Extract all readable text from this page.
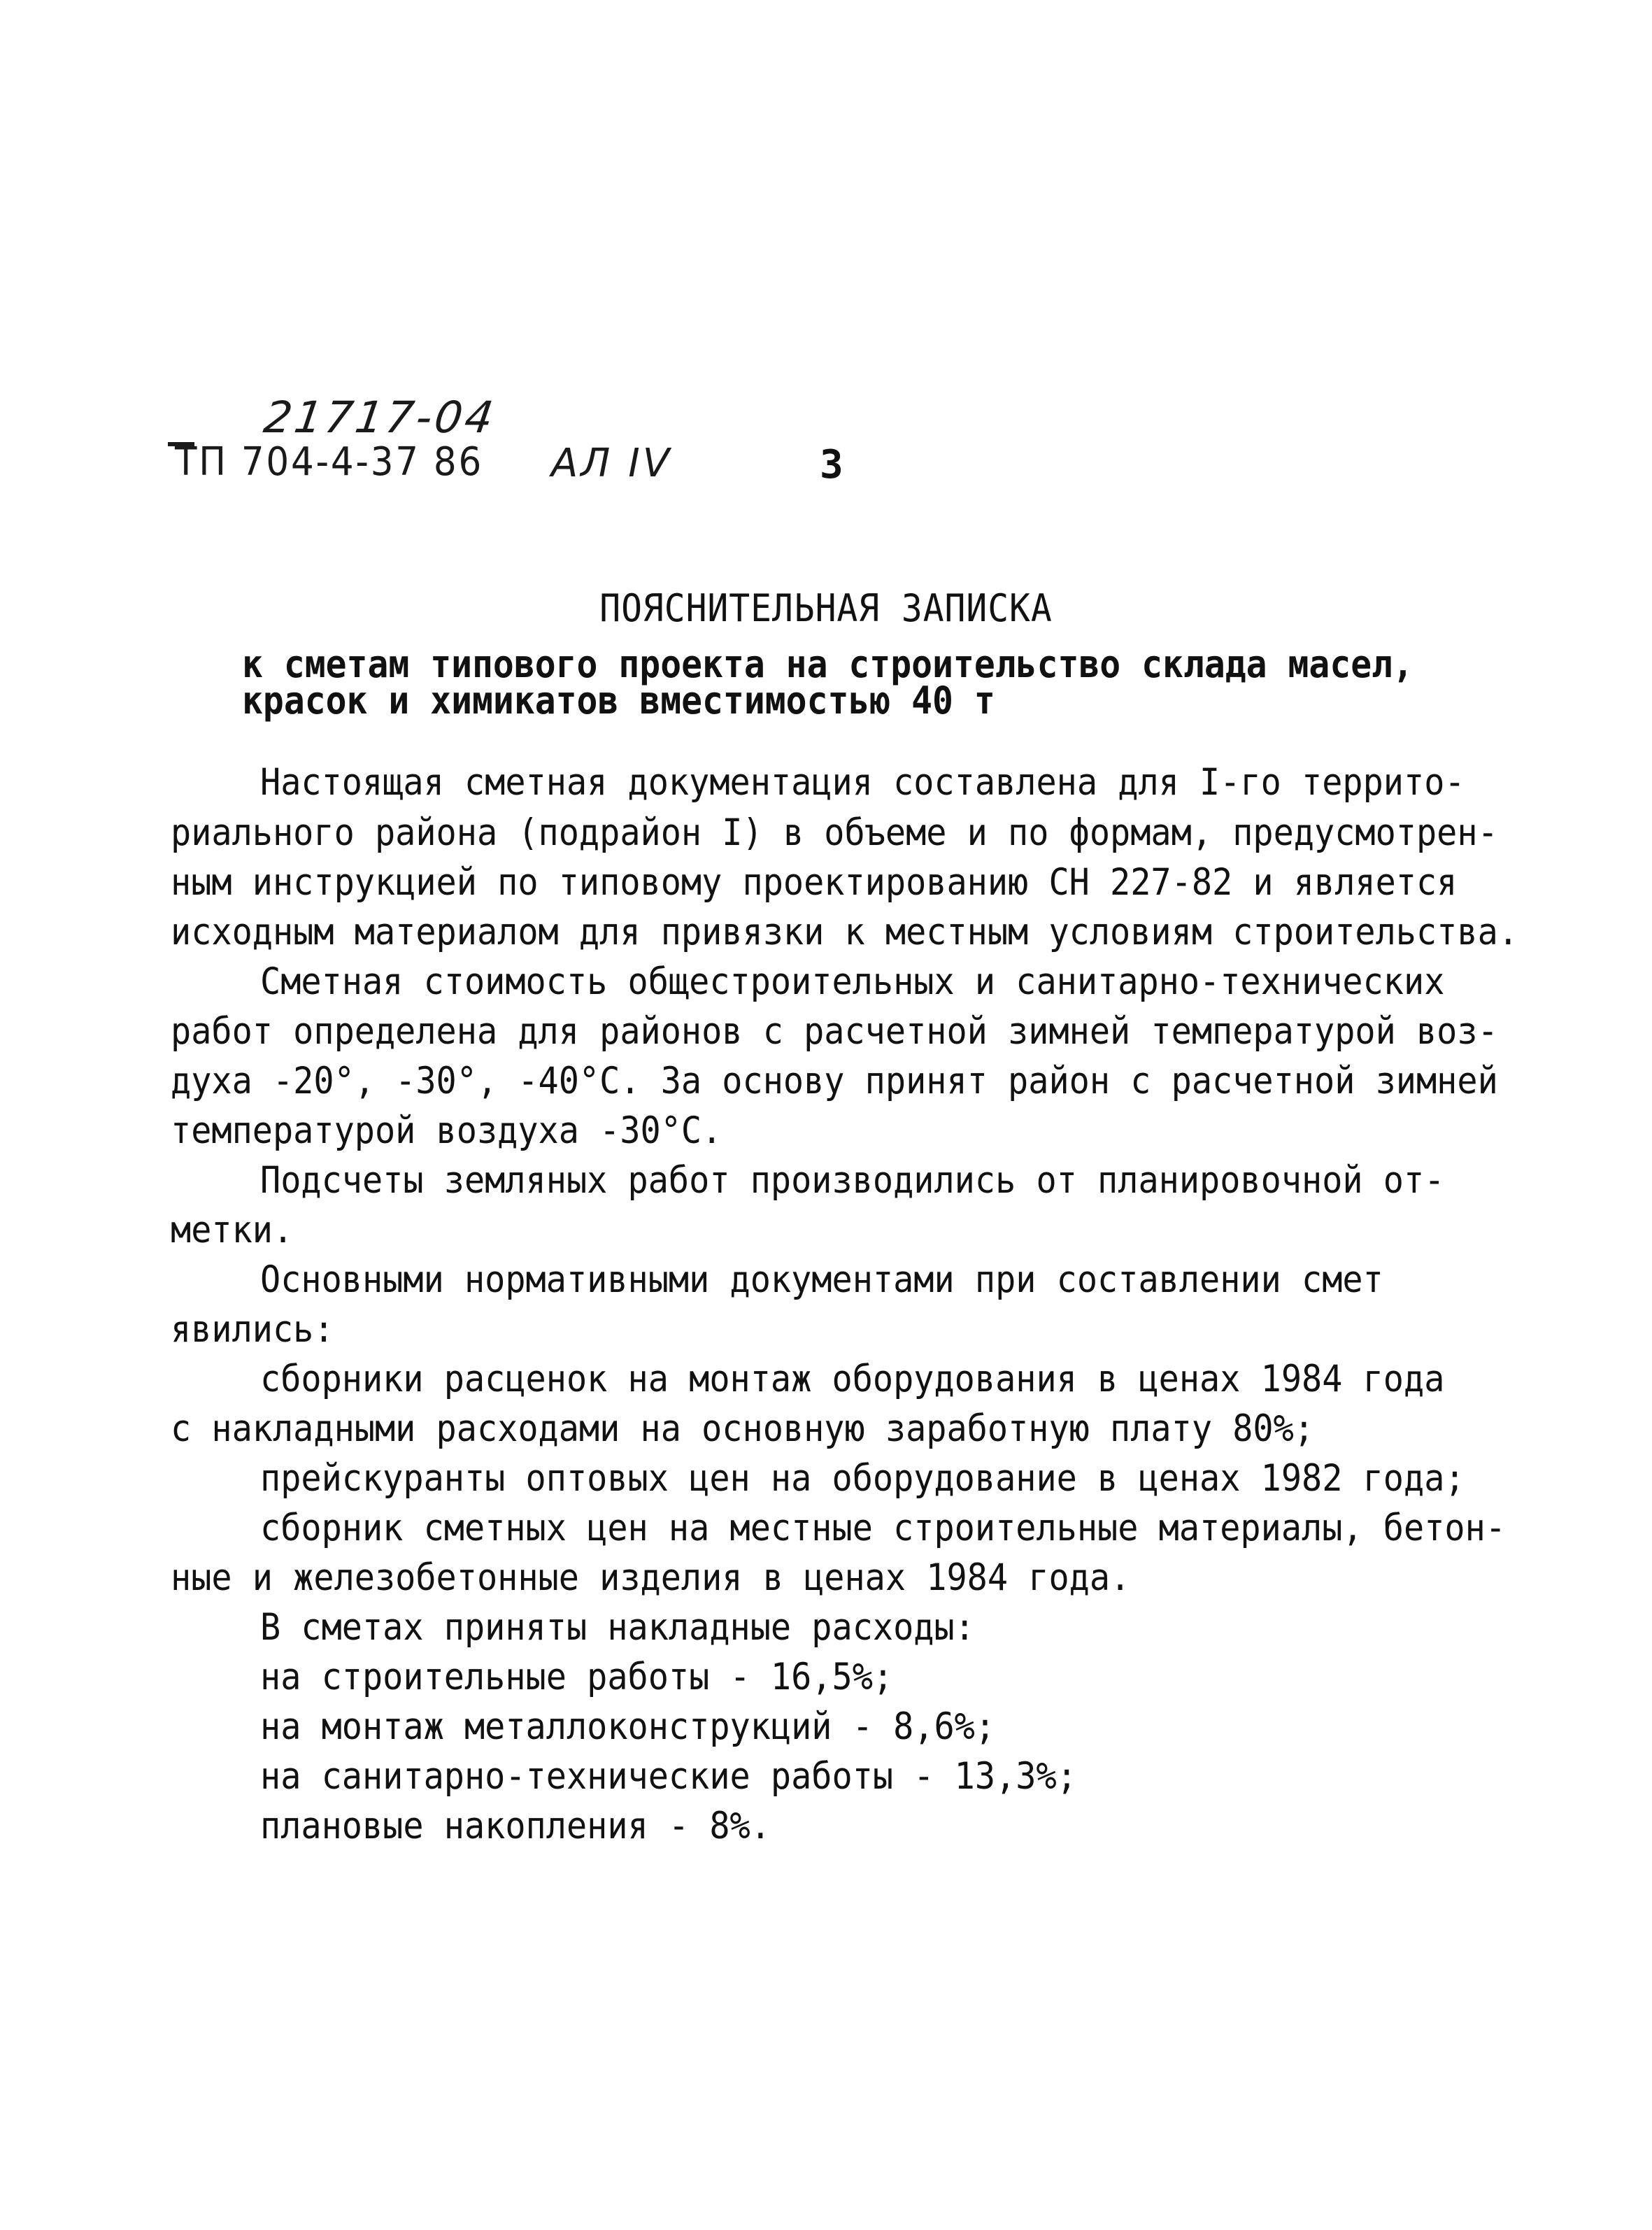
21717-04
ТП 704-4-37 86 АЛ IV	3
ПОЯСНИТЕЛЬНАЯ ЗАПИСКА
к сметам типового проекта на строительство склада масел,
красок и химикатов вместимостью 40 т
Настоящая сметная документация составлена для I-го террито-
риального района (подрайон I) в объеме и по формам, предусмотрен-
ным инструкцией по типовому проектированию СН 227-82 и является
исходным материалом для привязки к местным условиям строительства.
Сметная стоимость общестроительных и санитарно-технических
работ определена для районов с расчетной зимней температурой воз-
духа -20°, -30°, -40°С. За основу принят район с расчетной зимней
температурой воздуха -30°С.
Подсчеты земляных работ производились от планировочной от-
метки.
Основными нормативными документами при составлении смет
явились:
сборники расценок на монтаж оборудования в ценах 1984 года
с накладными расходами на основную заработную плату 80%;
прейскуранты оптовых цен на оборудование в ценах 1982 года;
сборник сметных цен на местные строительные материалы, бетон-
ные и железобетонные изделия в ценах 1984 года.
В сметах приняты накладные расходы:
на строительные работы - 16,5%;
на монтаж металлоконструкций - 8,6%;
на санитарно-технические работы - 13,3%;
плановые накопления - 8%.
